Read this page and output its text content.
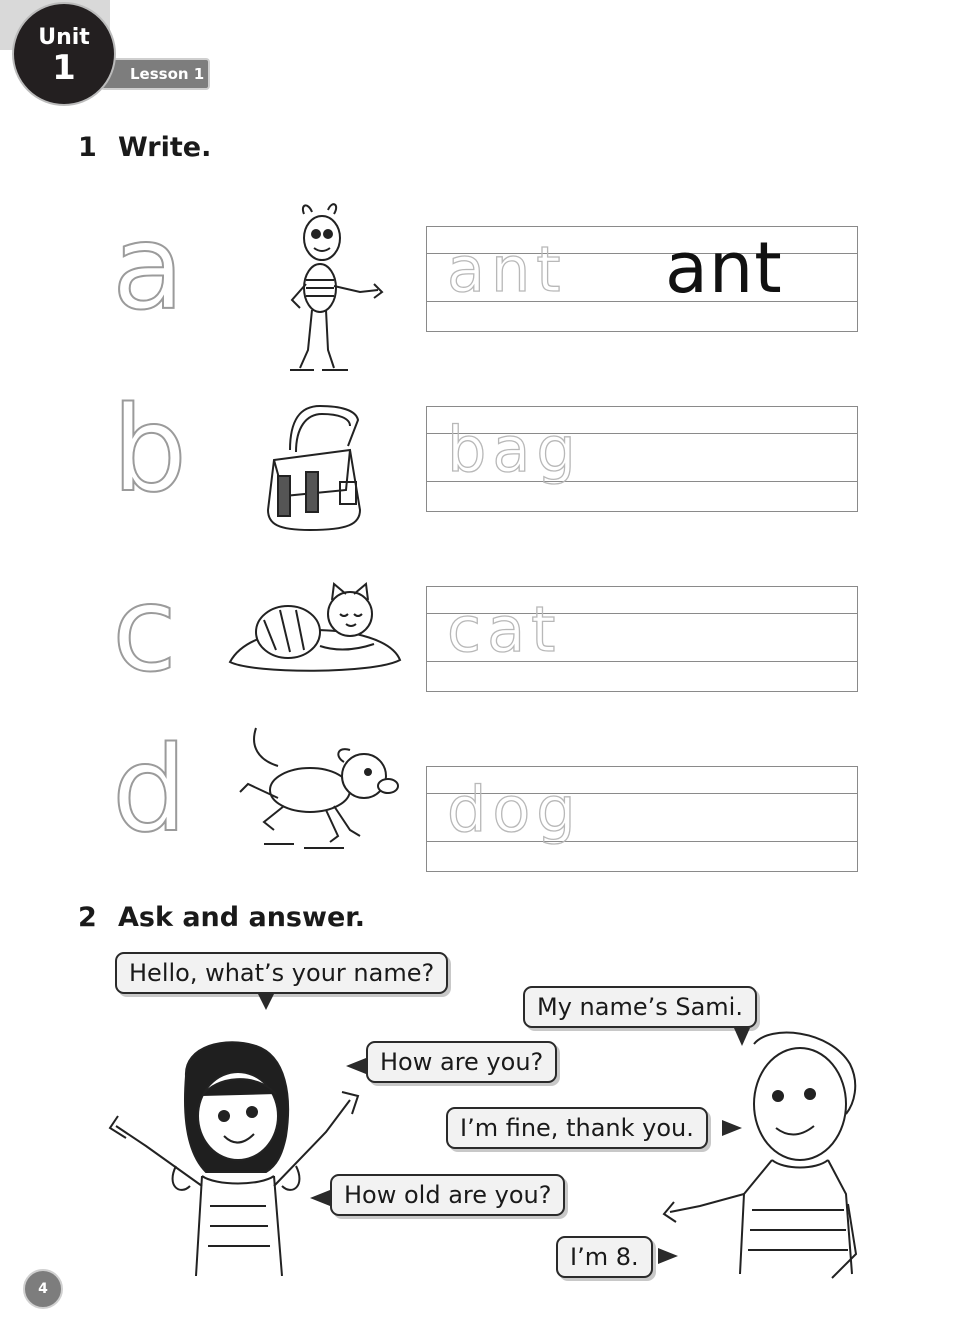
Lesson 1
Unit
1
1 Write.
a	ant ant
b	bag
c	cat
d	dog
2 Ask and answer.
Hello, what’s your name?
My name’s Sami.
How are you?
I’m fine, thank you.
How old are you?
I’m 8.
4
